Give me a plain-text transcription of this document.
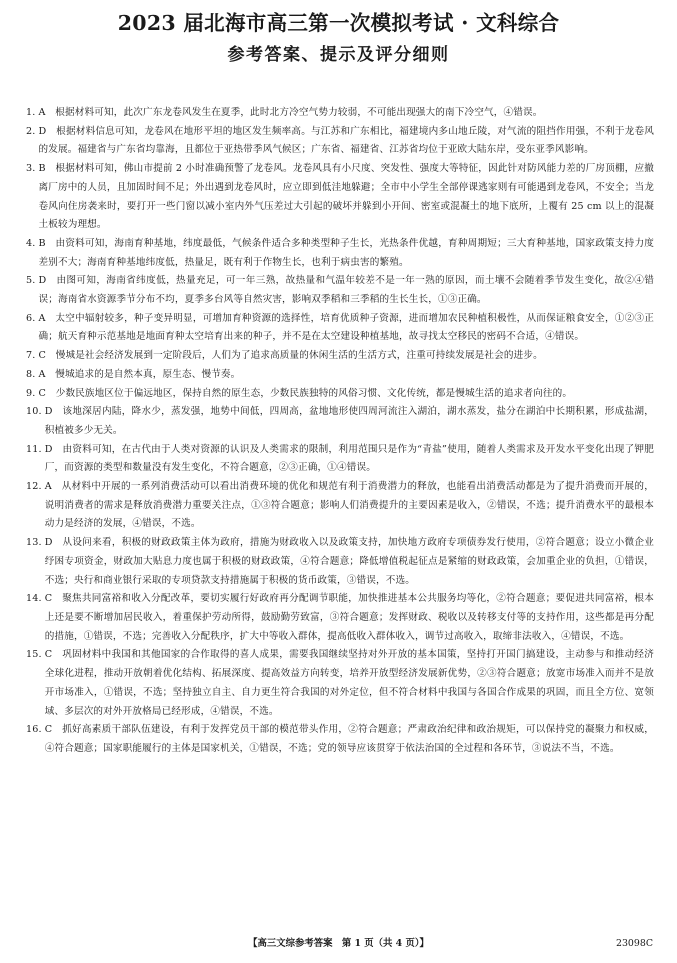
2023 届北海市高三第一次模拟考试 · 文科综合
参考答案、提示及评分细则
1. A　根据材料可知，此次广东龙卷风发生在夏季，此时北方冷空气势力较弱，不可能出现强大的南下冷空气，④错误。
2. D　根据材料信息可知，龙卷风在地形平坦的地区发生频率高。与江苏和广东相比，福建境内多山地丘陵，对气流的阻挡作用强，不利于龙卷风的发展。福建省与广东省均靠海，且都位于亚热带季风气候区；广东省、福建省、江苏省均位于亚欧大陆东岸，受东亚季风影响。
3. B　根据材料可知，佛山市提前 2 小时准确预警了龙卷风。龙卷风具有小尺度、突发性、强度大等特征，因此针对防风能力差的厂房顶棚，应撤离厂房中的人员，且加固时间不足；外出遇到龙卷风时，应立即到低洼地躲避；全市中小学生全部停课逃家则有可能遇到龙卷风，不安全；当龙卷风向住房袭来时，要打开一些门窗以减小室内外气压差过大引起的破坏并躲到小开间、密室或混凝土的地下底所，上覆有 25 cm 以上的混凝土板较为理想。
4. B　由资料可知，海南育种基地，纬度最低，气候条件适合多种类型种子生长，光热条件优越，育种周期短；三大育种基地，国家政策支持力度差别不大；海南育种基地纬度低，热量足，既有利于作物生长，也利于病虫害的繁殖。
5. D　由图可知，海南省纬度低，热量充足，可一年三熟，故热量和气温年较差不是一年一熟的原因，而土壤不会随着季节发生变化，故②④错误；海南省水资源季节分布不均，夏季多台风等自然灾害，影响双季稻和三季稻的生长生长，①③正确。
6. A　太空中辐射较多，种子变异明显，可增加育种资源的选择性，培育优质种子资源，进而增加农民种植积极性，从而保证粮食安全，①②③正确；航天育种示范基地是地面育种太空培育出来的种子，并不是在太空建设种植基地，故寻找太空移民的密码不合适，④错误。
7. C　慢城是社会经济发展到一定阶段后，人们为了追求高质量的休闲生活的生活方式，注重可持续发展是社会的进步。
8. A　慢城追求的是自然本真，原生态、慢节奏。
9. C　少数民族地区位于偏远地区，保持自然的原生态，少数民族独特的风俗习惯、文化传统，都是慢城生活的追求者向往的。
10. D　该地深居内陆，降水少，蒸发强，地势中间低，四周高，盆地地形使四周河流注入湖泊，湖水蒸发，盐分在湖泊中长期积累，形成盐湖，积植被多少无关。
11. D　由资料可知，在古代由于人类对资源的认识及人类需求的限制，利用范围只是作为“青盐”使用，随着人类需求及开发水平变化出现了钾肥厂，而资源的类型和数量没有发生变化，不符合题意，②③正确，①④错误。
12. A　从材料中开展的一系列消费活动可以看出消费环境的优化和规范有利于消费潜力的释放，也能看出消费活动都是为了提升消费而开展的，说明消费者的需求是释放消费潜力重要关注点，①③符合题意；影响人们消费提升的主要因素是收入，②错误，不选；提升消费水平的最根本动力是经济的发展，④错误，不选。
13. D　从设问来看，积极的财政政策主体为政府，措施为财政收入以及政策支持，加快地方政府专项债券发行使用，②符合题意；设立小微企业纾困专项资金，财政加大贴息力度也属于积极的财政政策，④符合题意；降低增值税起征点是紧缩的财政政策，会加重企业的负担，①错误，不选；央行和商业银行采取的专项贷款支持措施属于积极的货币政策，③错误，不选。
14. C　聚焦共同富裕和收入分配改革，要切实履行好政府再分配调节职能，加快推进基本公共服务均等化，②符合题意；要促进共同富裕，根本上还是要不断增加居民收入，着重保护劳动所得，鼓励勤劳致富，③符合题意；发挥财政、税收以及转移支付等的支持作用，这些都是再分配的措施，①错误，不选；完善收入分配秩序，扩大中等收入群体，提高低收入群体收入，调节过高收入，取缔非法收入，④错误，不选。
15. C　巩固材料中我国和其他国家的合作取得的喜人成果，需要我国继续坚持对外开放的基本国策，坚持打开国门搞建设，主动参与和推动经济全球化进程，推动开放朝着优化结构、拓展深度、提高效益方向转变，培养开放型经济发展新优势，②③符合题意；放宽市场准入而并不是放开市场准入，①错误，不选；坚持独立自主、自力更生符合我国的对外定位，但不符合材料中我国与各国合作成果的巩固，而且全方位、宽领域、多层次的对外开放格局已经形成，④错误，不选。
16. C　抓好高素质干部队伍建设，有利于发挥党员干部的模范带头作用，②符合题意；严肃政治纪律和政治规矩，可以保持党的凝聚力和权威，④符合题意；国家职能履行的主体是国家机关，①错误，不选；党的领导应该贯穿于依法治国的全过程和各环节，③说法不当，不选。
【高三文综参考答案　第 1 页（共 4 页）】	23098C
